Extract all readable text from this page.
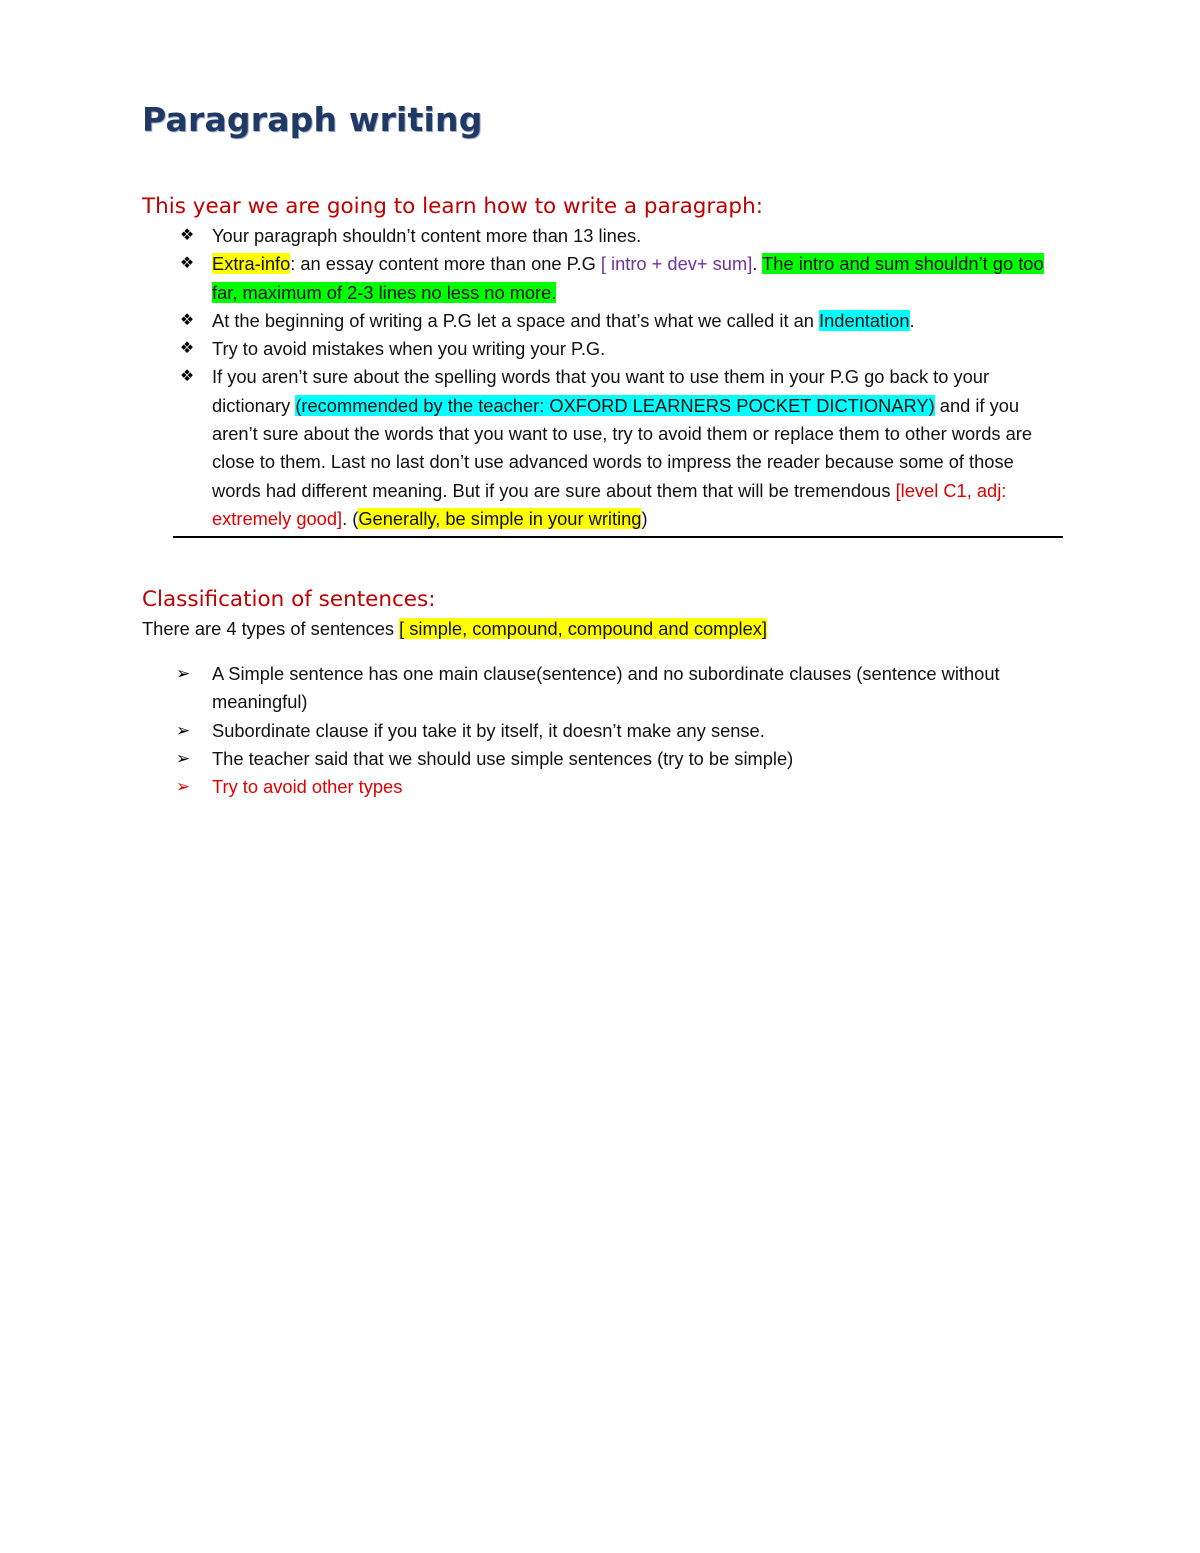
Paragraph writing
This year we are going to learn how to write a paragraph:
❖ Your paragraph shouldn’t content more than 13 lines.
❖ Extra-info: an essay content more than one P.G [ intro + dev+ sum]. The intro and sum shouldn’t go too far, maximum of 2-3 lines no less no more.
❖ At the beginning of writing a P.G let a space and that’s what we called it an Indentation.
❖ Try to avoid mistakes when you writing your P.G.
❖ If you aren’t sure about the spelling words that you want to use them in your P.G go back to your dictionary (recommended by the teacher: OXFORD LEARNERS POCKET DICTIONARY) and if you aren’t sure about the words that you want to use, try to avoid them or replace them to other words are close to them. Last no last don’t use advanced words to impress the reader because some of those words had different meaning. But if you are sure about them that will be tremendous [level C1, adj: extremely good]. (Generally, be simple in your writing)
Classification of sentences:

There are 4 types of sentences [ simple, compound, compound and complex]

➢ A Simple sentence has one main clause(sentence) and no subordinate clauses (sentence without meaningful)
➢ Subordinate clause if you take it by itself, it doesn’t make any sense.
➢ The teacher said that we should use simple sentences (try to be simple)
➢ Try to avoid other types
